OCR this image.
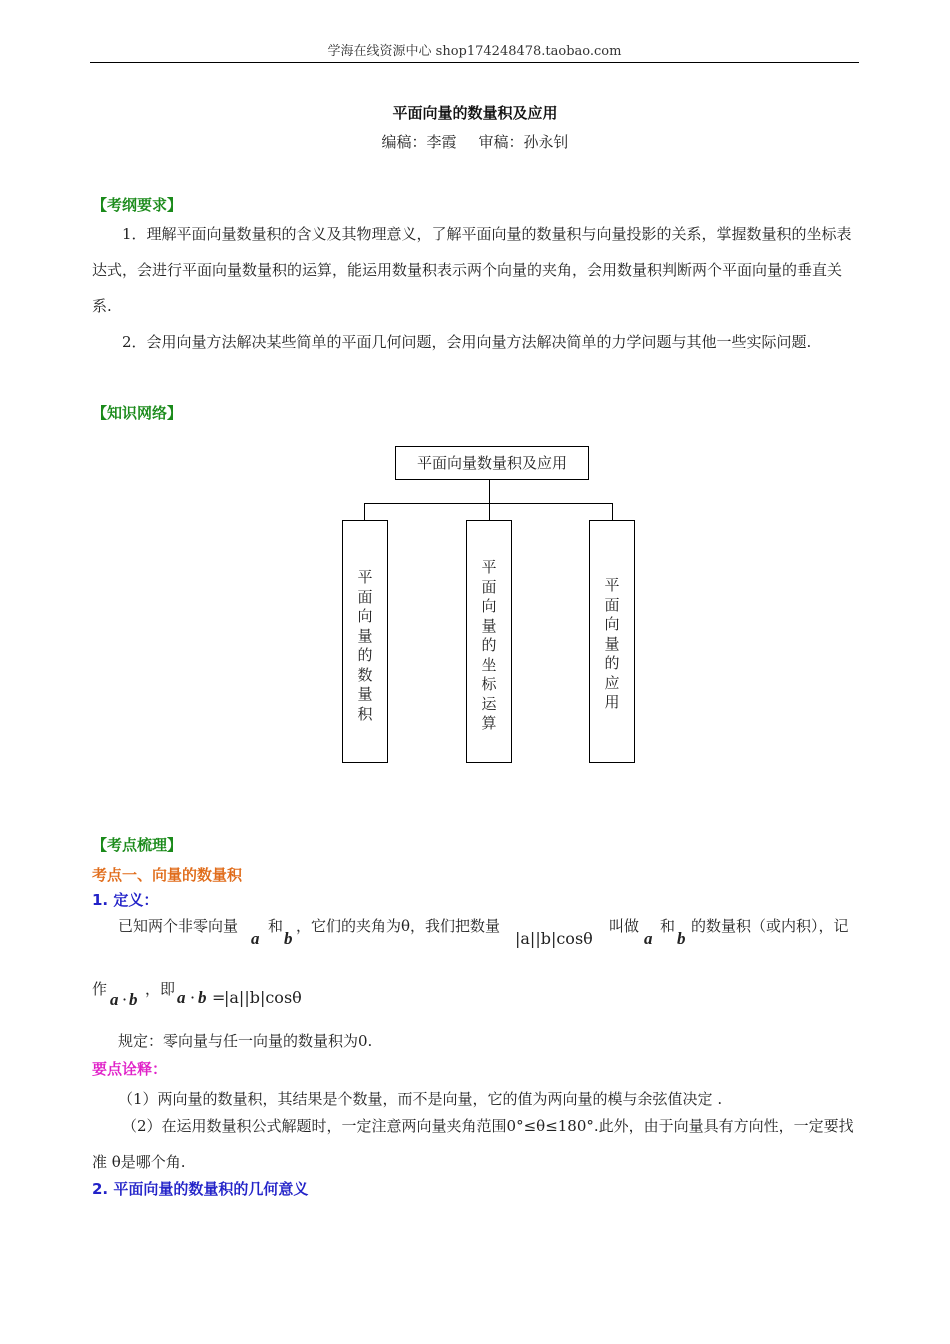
学海在线资源中心 shop174248478.taobao.com
平面向量的数量积及应用
编稿：李霞 审稿：孙永钊
【考纲要求】
1．理解平面向量数量积的含义及其物理意义，了解平面向量的数量积与向量投影的关系，掌握数量积的坐标表达式，会进行平面向量数量积的运算，能运用数量积表示两个向量的夹角，会用数量积判断两个平面向量的垂直关系.
2．会用向量方法解决某些简单的平面几何问题，会用向量方法解决简单的力学问题与其他一些实际问题.
【知识网络】
平面向量数量积及应用
平
面
向
量
的
数
量
积
平
面
向
量
的
坐
标
运
算
平
面
向
量
的
应
用
【考点梳理】
考点一、向量的数量积
1. 定义：
已知两个非零向量
a
和
b
，它们的夹角为θ，我们把数量
|a||b|cosθ
叫做
a
和
b
的数量积（或内积），记
作
a · b
，即 a · b =
|a||b|cosθ
规定：零向量与任一向量的数量积为0.
要点诠释：
（1）两向量的数量积，其结果是个数量，而不是向量，它的值为两向量的模与余弦值决定 .
（2）在运用数量积公式解题时，一定注意两向量夹角范围0°≤θ≤180°.此外，由于向量具有方向性，一定要找准 θ是哪个角.
2. 平面向量的数量积的几何意义
